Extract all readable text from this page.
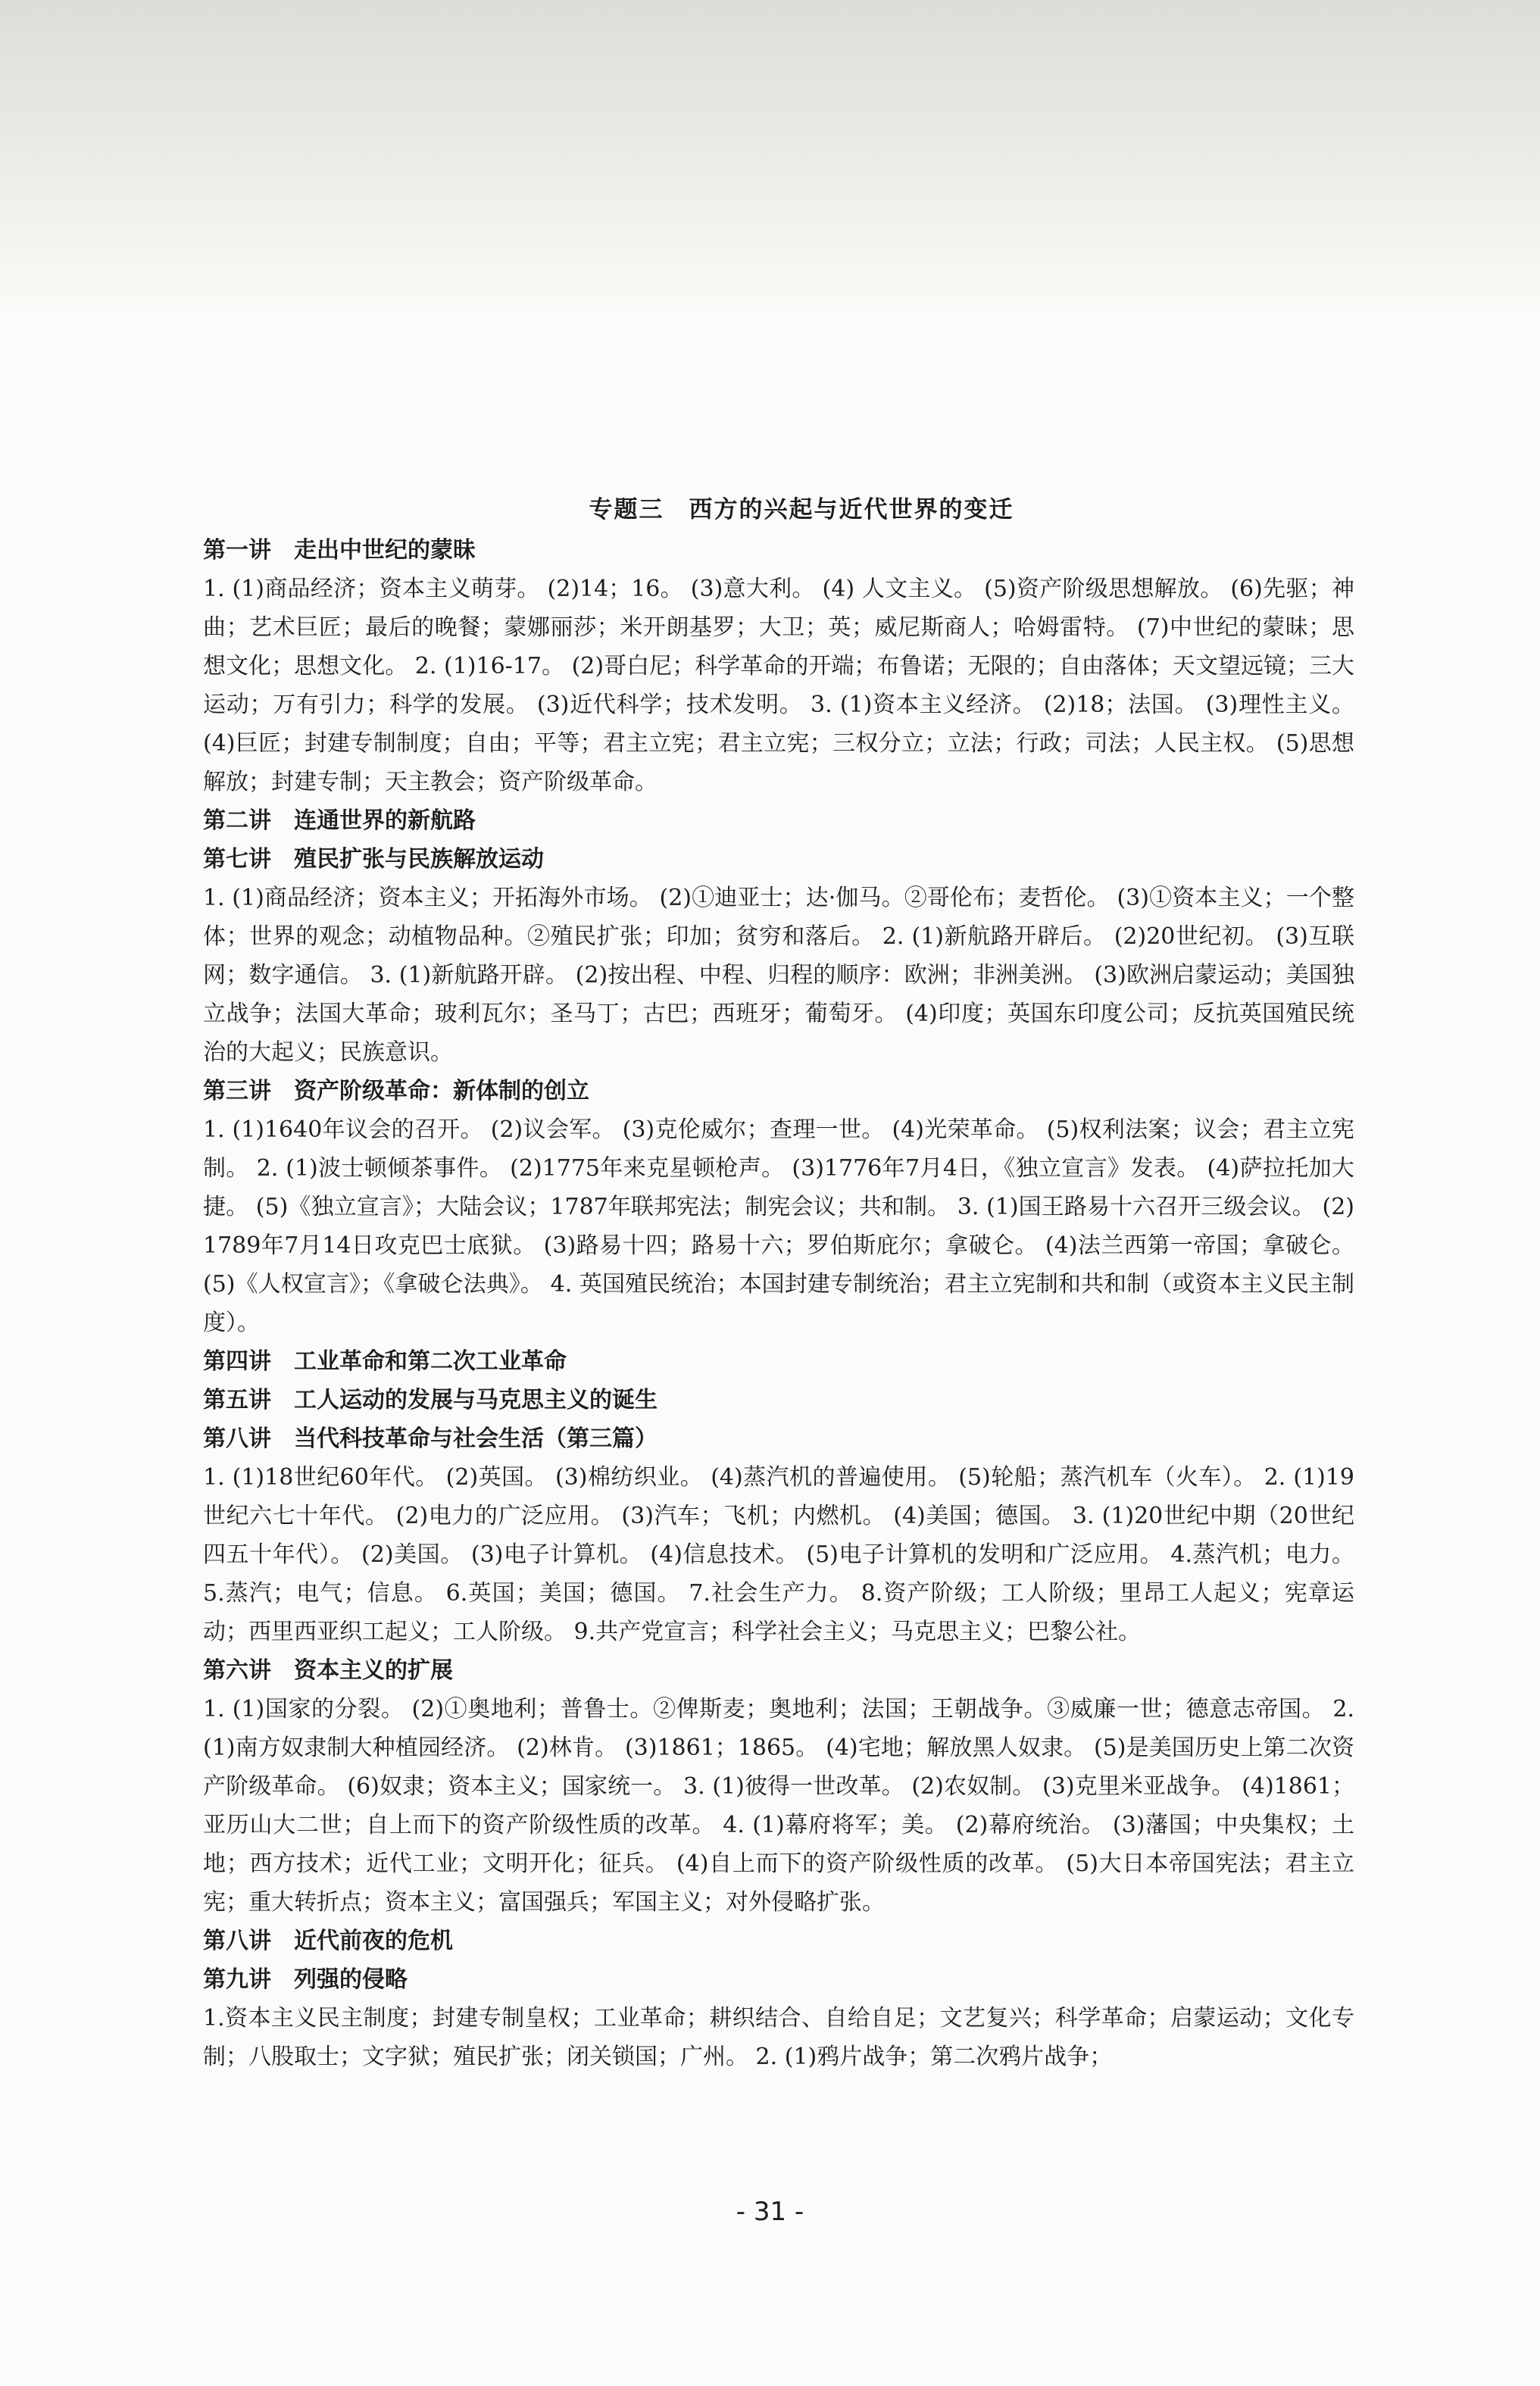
专题三　西方的兴起与近代世界的变迁
第一讲　走出中世纪的蒙昧
1. (1)商品经济；资本主义萌芽。 (2)14；16。 (3)意大利。 (4) 人文主义。 (5)资产阶级思想解放。 (6)先驱；神曲；艺术巨匠；最后的晚餐；蒙娜丽莎；米开朗基罗；大卫；英；威尼斯商人；哈姆雷特。 (7)中世纪的蒙昧；思想文化；思想文化。 2. (1)16-17。 (2)哥白尼；科学革命的开端；布鲁诺；无限的；自由落体；天文望远镜；三大运动；万有引力；科学的发展。 (3)近代科学；技术发明。 3. (1)资本主义经济。 (2)18；法国。 (3)理性主义。 (4)巨匠；封建专制制度；自由；平等；君主立宪；君主立宪；三权分立；立法；行政；司法；人民主权。 (5)思想解放；封建专制；天主教会；资产阶级革命。
第二讲　连通世界的新航路
第七讲　殖民扩张与民族解放运动
1. (1)商品经济；资本主义；开拓海外市场。 (2)①迪亚士；达·伽马。②哥伦布；麦哲伦。 (3)①资本主义；一个整体；世界的观念；动植物品种。②殖民扩张；印加；贫穷和落后。 2. (1)新航路开辟后。 (2)20世纪初。 (3)互联网；数字通信。 3. (1)新航路开辟。 (2)按出程、中程、归程的顺序：欧洲；非洲美洲。 (3)欧洲启蒙运动；美国独立战争；法国大革命；玻利瓦尔；圣马丁；古巴；西班牙；葡萄牙。 (4)印度；英国东印度公司；反抗英国殖民统治的大起义；民族意识。
第三讲　资产阶级革命：新体制的创立
1. (1)1640年议会的召开。 (2)议会军。 (3)克伦威尔；查理一世。 (4)光荣革命。 (5)权利法案；议会；君主立宪制。 2. (1)波士顿倾茶事件。 (2)1775年来克星顿枪声。 (3)1776年7月4日，《独立宣言》发表。 (4)萨拉托加大捷。 (5)《独立宣言》；大陆会议；1787年联邦宪法；制宪会议；共和制。 3. (1)国王路易十六召开三级会议。 (2)1789年7月14日攻克巴士底狱。 (3)路易十四；路易十六；罗伯斯庇尔；拿破仑。 (4)法兰西第一帝国；拿破仑。 (5)《人权宣言》；《拿破仑法典》。 4. 英国殖民统治；本国封建专制统治；君主立宪制和共和制（或资本主义民主制度）。
第四讲　工业革命和第二次工业革命
第五讲　工人运动的发展与马克思主义的诞生
第八讲　当代科技革命与社会生活（第三篇）
1. (1)18世纪60年代。 (2)英国。 (3)棉纺织业。 (4)蒸汽机的普遍使用。 (5)轮船；蒸汽机车（火车）。 2. (1)19世纪六七十年代。 (2)电力的广泛应用。 (3)汽车；飞机；内燃机。 (4)美国；德国。 3. (1)20世纪中期（20世纪四五十年代）。 (2)美国。 (3)电子计算机。 (4)信息技术。 (5)电子计算机的发明和广泛应用。 4.蒸汽机；电力。 5.蒸汽；电气；信息。 6.英国；美国；德国。 7.社会生产力。 8.资产阶级；工人阶级；里昂工人起义；宪章运动；西里西亚织工起义；工人阶级。 9.共产党宣言；科学社会主义；马克思主义；巴黎公社。
第六讲　资本主义的扩展
1. (1)国家的分裂。 (2)①奥地利；普鲁士。②俾斯麦；奥地利；法国；王朝战争。③威廉一世；德意志帝国。 2. (1)南方奴隶制大种植园经济。 (2)林肯。 (3)1861；1865。 (4)宅地；解放黑人奴隶。 (5)是美国历史上第二次资产阶级革命。 (6)奴隶；资本主义；国家统一。 3. (1)彼得一世改革。 (2)农奴制。 (3)克里米亚战争。 (4)1861；亚历山大二世；自上而下的资产阶级性质的改革。 4. (1)幕府将军；美。 (2)幕府统治。 (3)藩国；中央集权；土地；西方技术；近代工业；文明开化；征兵。 (4)自上而下的资产阶级性质的改革。 (5)大日本帝国宪法；君主立宪；重大转折点；资本主义；富国强兵；军国主义；对外侵略扩张。
第八讲　近代前夜的危机
第九讲　列强的侵略
1.资本主义民主制度；封建专制皇权；工业革命；耕织结合、自给自足；文艺复兴；科学革命；启蒙运动；文化专制；八股取士；文字狱；殖民扩张；闭关锁国；广州。 2. (1)鸦片战争；第二次鸦片战争；
- 31 -
